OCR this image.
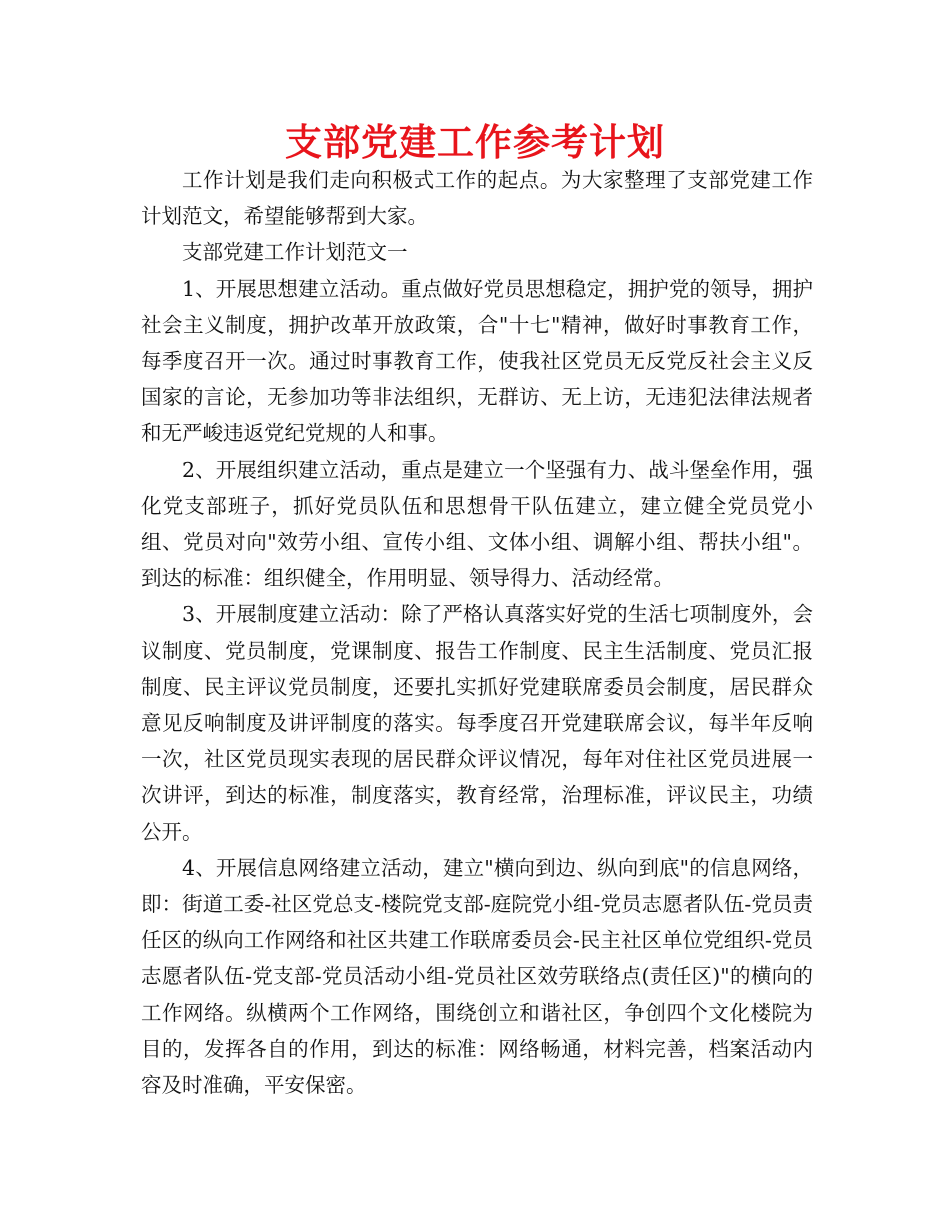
支部党建工作参考计划

工作计划是我们走向积极式工作的起点。为大家整理了支部党建工作计划范文，希望能够帮到大家。

支部党建工作计划范文一

1、开展思想建立活动。重点做好党员思想稳定，拥护党的领导，拥护社会主义制度，拥护改革开放政策，合"十七"精神，做好时事教育工作，每季度召开一次。通过时事教育工作，使我社区党员无反党反社会主义反国家的言论，无参加功等非法组织，无群访、无上访，无违犯法律法规者和无严峻违返党纪党规的人和事。

2、开展组织建立活动，重点是建立一个坚强有力、战斗堡垒作用，强化党支部班子，抓好党员队伍和思想骨干队伍建立，建立健全党员党小组、党员对向"效劳小组、宣传小组、文体小组、调解小组、帮扶小组"。到达的标准：组织健全，作用明显、领导得力、活动经常。

3、开展制度建立活动：除了严格认真落实好党的生活七项制度外，会议制度、党员制度，党课制度、报告工作制度、民主生活制度、党员汇报制度、民主评议党员制度，还要扎实抓好党建联席委员会制度，居民群众意见反响制度及讲评制度的落实。每季度召开党建联席会议，每半年反响一次，社区党员现实表现的居民群众评议情况，每年对住社区党员进展一次讲评，到达的标准，制度落实，教育经常，治理标准，评议民主，功绩公开。

4、开展信息网络建立活动，建立"横向到边、纵向到底"的信息网络，即：街道工委-社区党总支-楼院党支部-庭院党小组-党员志愿者队伍-党员责任区的纵向工作网络和社区共建工作联席委员会-民主社区单位党组织-党员志愿者队伍-党支部-党员活动小组-党员社区效劳联络点(责任区)"的横向的工作网络。纵横两个工作网络，围绕创立和谐社区，争创四个文化楼院为目的，发挥各自的作用，到达的标准：网络畅通，材料完善，档案活动内容及时准确，平安保密。
